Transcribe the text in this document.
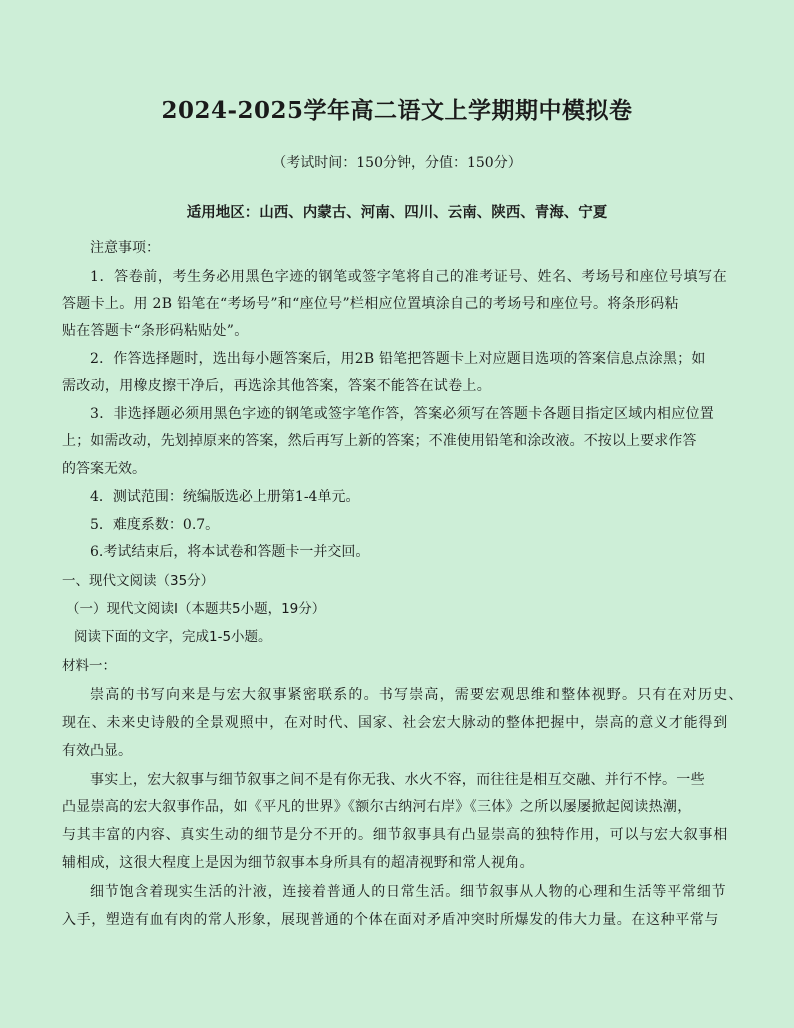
2024-2025学年高二语文上学期期中模拟卷
（考试时间：150分钟，分值：150分）
适用地区：山西、内蒙古、河南、四川、云南、陕西、青海、宁夏
注意事项：
1．答卷前，考生务必用黑色字迹的钢笔或签字笔将自己的准考证号、姓名、考场号和座位号填写在
答题卡上。用 2B 铅笔在“考场号”和“座位号”栏相应位置填涂自己的考场号和座位号。将条形码粘
贴在答题卡“条形码粘贴处”。
2．作答选择题时，选出每小题答案后，用2B 铅笔把答题卡上对应题目选项的答案信息点涂黑；如
需改动，用橡皮擦干净后，再选涂其他答案，答案不能答在试卷上。
3．非选择题必须用黑色字迹的钢笔或签字笔作答，答案必须写在答题卡各题目指定区域内相应位置
上；如需改动，先划掉原来的答案，然后再写上新的答案；不准使用铅笔和涂改液。不按以上要求作答
的答案无效。
4．测试范围：统编版选必上册第1-4单元。
5．难度系数：0.7。
6.考试结束后，将本试卷和答题卡一并交回。
一、现代文阅读（35分）
（一）现代文阅读Ⅰ（本题共5小题，19分）
阅读下面的文字，完成1-5小题。
材料一：
崇高的书写向来是与宏大叙事紧密联系的。书写崇高，需要宏观思维和整体视野。只有在对历史、
现在、未来史诗般的全景观照中，在对时代、国家、社会宏大脉动的整体把握中，崇高的意义才能得到
有效凸显。
事实上，宏大叙事与细节叙事之间不是有你无我、水火不容，而往往是相互交融、并行不悖。一些
凸显崇高的宏大叙事作品，如《平凡的世界》《额尔古纳河右岸》《三体》之所以屡屡掀起阅读热潮，
与其丰富的内容、真实生动的细节是分不开的。细节叙事具有凸显崇高的独特作用，可以与宏大叙事相
辅相成，这很大程度上是因为细节叙事本身所具有的超凊视野和常人视角。
细节饱含着现实生活的汁液，连接着普通人的日常生活。细节叙事从人物的心理和生活等平常细节
入手，塑造有血有肉的常人形象，展现普通的个体在面对矛盾冲突时所爆发的伟大力量。在这种平常与
